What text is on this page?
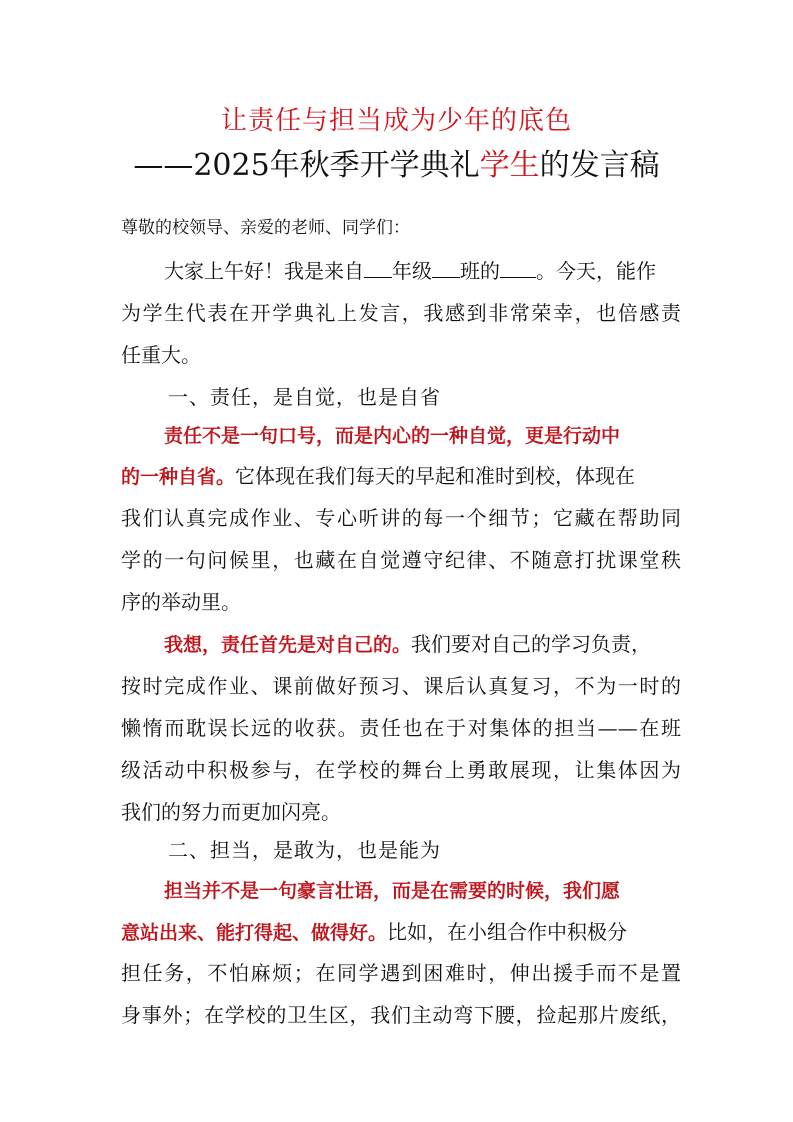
让责任与担当成为少年的底色
——2025年秋季开学典礼学生的发言稿
尊敬的校领导、亲爱的老师、同学们：
大家上午好！我是来自 年级 班的 。今天，能作
为学生代表在开学典礼上发言，我感到非常荣幸，也倍感责
任重大。
一、责任，是自觉，也是自省
责任不是一句口号，而是内心的一种自觉，更是行动中
的一种自省。它体现在我们每天的早起和准时到校，体现在
我们认真完成作业、专心听讲的每一个细节；它藏在帮助同
学的一句问候里，也藏在自觉遵守纪律、不随意打扰课堂秩
序的举动里。
我想，责任首先是对自己的。我们要对自己的学习负责，
按时完成作业、课前做好预习、课后认真复习，不为一时的
懒惰而耽误长远的收获。责任也在于对集体的担当——在班
级活动中积极参与，在学校的舞台上勇敢展现，让集体因为
我们的努力而更加闪亮。
二、担当，是敢为，也是能为
担当并不是一句豪言壮语，而是在需要的时候，我们愿
意站出来、能打得起、做得好。比如，在小组合作中积极分
担任务，不怕麻烦；在同学遇到困难时，伸出援手而不是置
身事外；在学校的卫生区，我们主动弯下腰，捡起那片废纸，
